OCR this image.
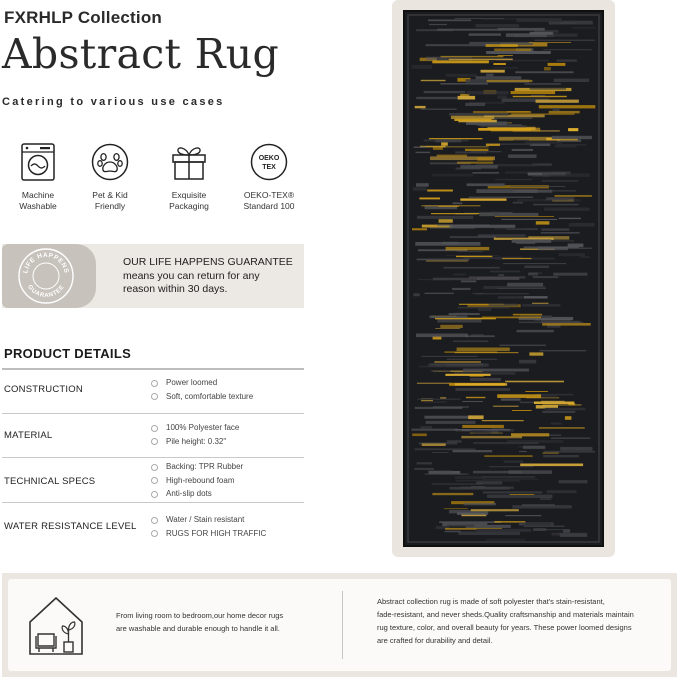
FXRHLP Collection
Abstract Rug
Catering to various use cases
Machine
Washable
Pet & Kid
Friendly
Exquisite
Packaging
OEKO
TEX
OEKO-TEX®
Standard 100
LIFE HAPPENS
GUARANTEE
OUR LIFE HAPPENS GUARANTEE
means you can return for any
reason within 30 days.
PRODUCT DETAILS
CONSTRUCTION
Power loomed
Soft, comfortable texture
MATERIAL
100% Polyester face
Pile height: 0.32"
TECHNICAL SPECS
Backing: TPR Rubber
High-rebound foam
Anti-slip dots
WATER RESISTANCE LEVEL
Water / Stain resistant
RUGS FOR HIGH TRAFFIC
From living room to bedroom,our home decor rugs
are washable and durable enough to handle it all.
Abstract collection rug is made of soft polyester that's stain-resistant,
fade-resistant, and never sheds.Quality craftsmanship and materials maintain
rug texture, color, and overall beauty for years. These power loomed designs
are crafted for durability and detail.
